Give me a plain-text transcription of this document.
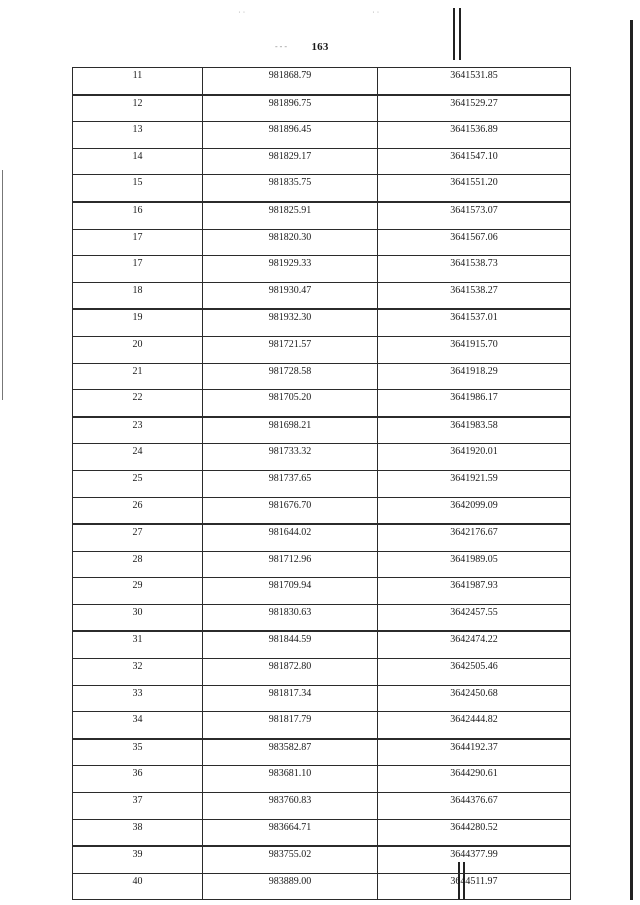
˙ ˙	˙ ˙
‐ ‐ ‐	163
11	981868.79	3641531.85

12	981896.75	3641529.27

13	981896.45	3641536.89

14	981829.17	3641547.10

15	981835.75	3641551.20

16	981825.91	3641573.07

17	981820.30	3641567.06

17	981929.33	3641538.73

18	981930.47	3641538.27

19	981932.30	3641537.01

20	981721.57	3641915.70

21	981728.58	3641918.29

22	981705.20	3641986.17

23	981698.21	3641983.58

24	981733.32	3641920.01

25	981737.65	3641921.59

26	981676.70	3642099.09

27	981644.02	3642176.67

28	981712.96	3641989.05

29	981709.94	3641987.93

30	981830.63	3642457.55

31	981844.59	3642474.22

32	981872.80	3642505.46

33	981817.34	3642450.68

34	981817.79	3642444.82

35	983582.87	3644192.37

36	983681.10	3644290.61

37	983760.83	3644376.67

38	983664.71	3644280.52

39	983755.02	3644377.99

40	983889.00	3644511.97
